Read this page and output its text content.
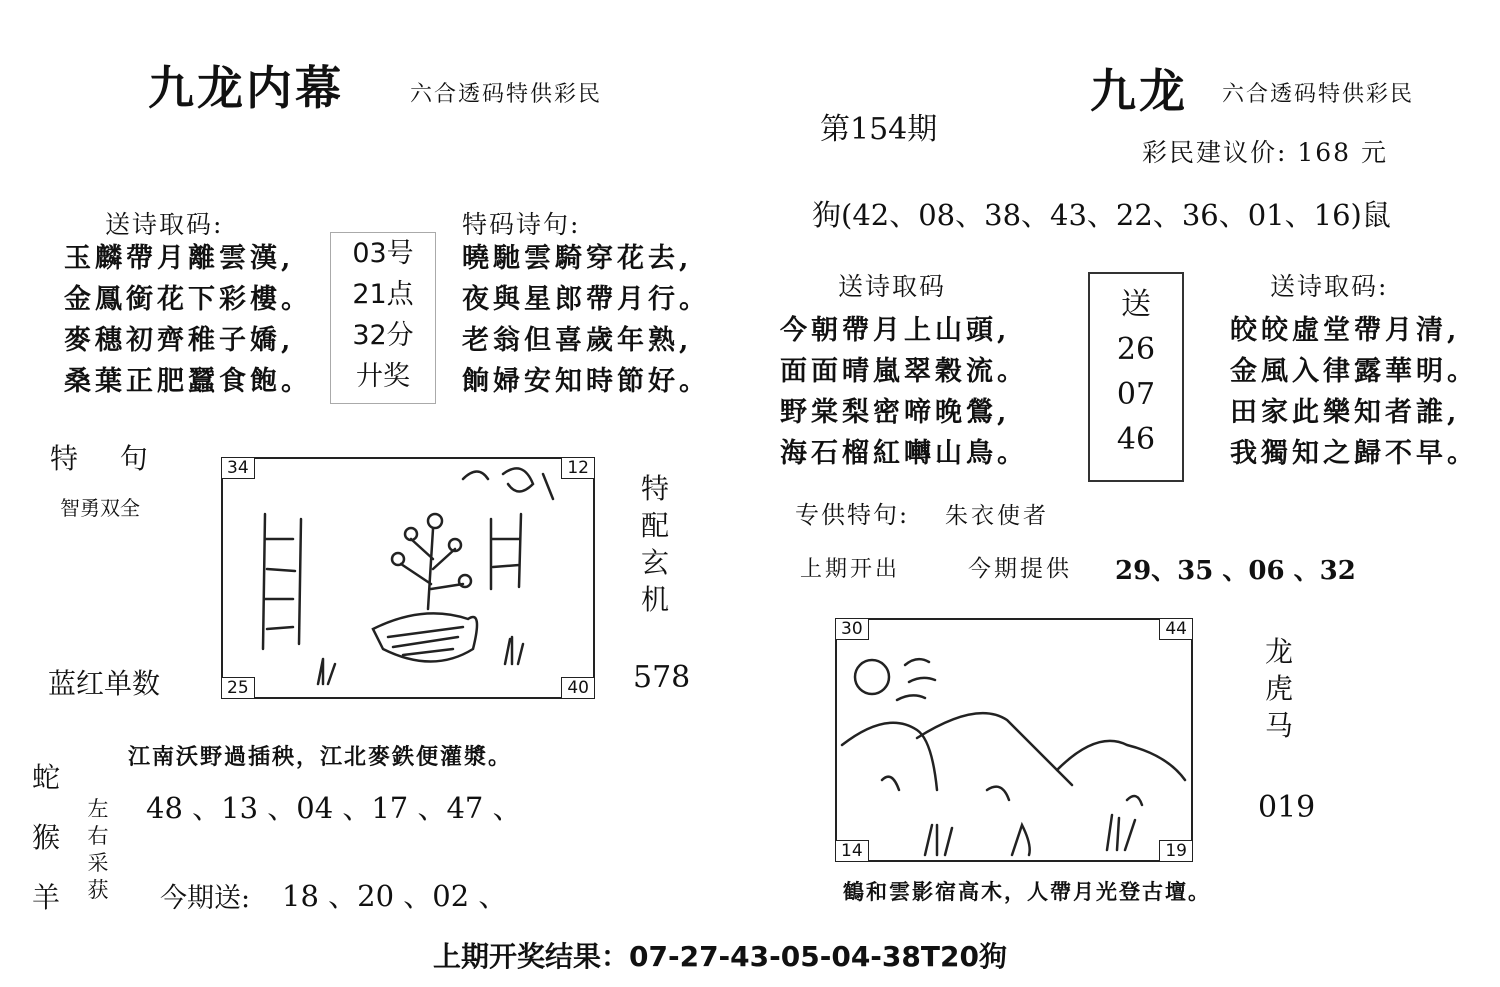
九龙内幕	六合透码特供彩民
送诗取码:
玉麟帶月離雲漢,
金鳳銜花下彩樓。
麥穗初齊稚子嬌,
桑葉正肥蠶食飽。
03号
21点
32分
廾奖
特码诗句:
曉馳雲騎穿花去,
夜與星郎帶月行。
老翁但喜歲年熟,
餉婦安知時節好。
特  句
智勇双全
34	12
25	40
特配玄机
蓝红单数	578
蛇
猴
羊
江南沃野過插秧，江北麥鉄便灌漿。
左
右
采
获
48 、13 、04 、17 、47 、
今期送: 18 、20 、02 、
九龙 六合透码特供彩民
第154期
彩民建议价: 168 元
狗(42、08、38、43、22、36、01、16)鼠
送诗取码
今朝帶月上山頭,
面面晴嵐翠穀流。
野棠梨密啼晚鶯,
海石榴紅囀山鳥。
送
26
07
46
送诗取码:
皎皎虛堂帶月清,
金風入律露華明。
田家此樂知者誰,
我獨知之歸不早。
专供特句: 朱衣使者
上期开出	今期提供 29、35 、06 、32
30	44
14	19
龙
虎
马
019
鶴和雲影宿高木，人帶月光登古壇。
上期开奖结果：07-27-43-05-04-38T20狗
